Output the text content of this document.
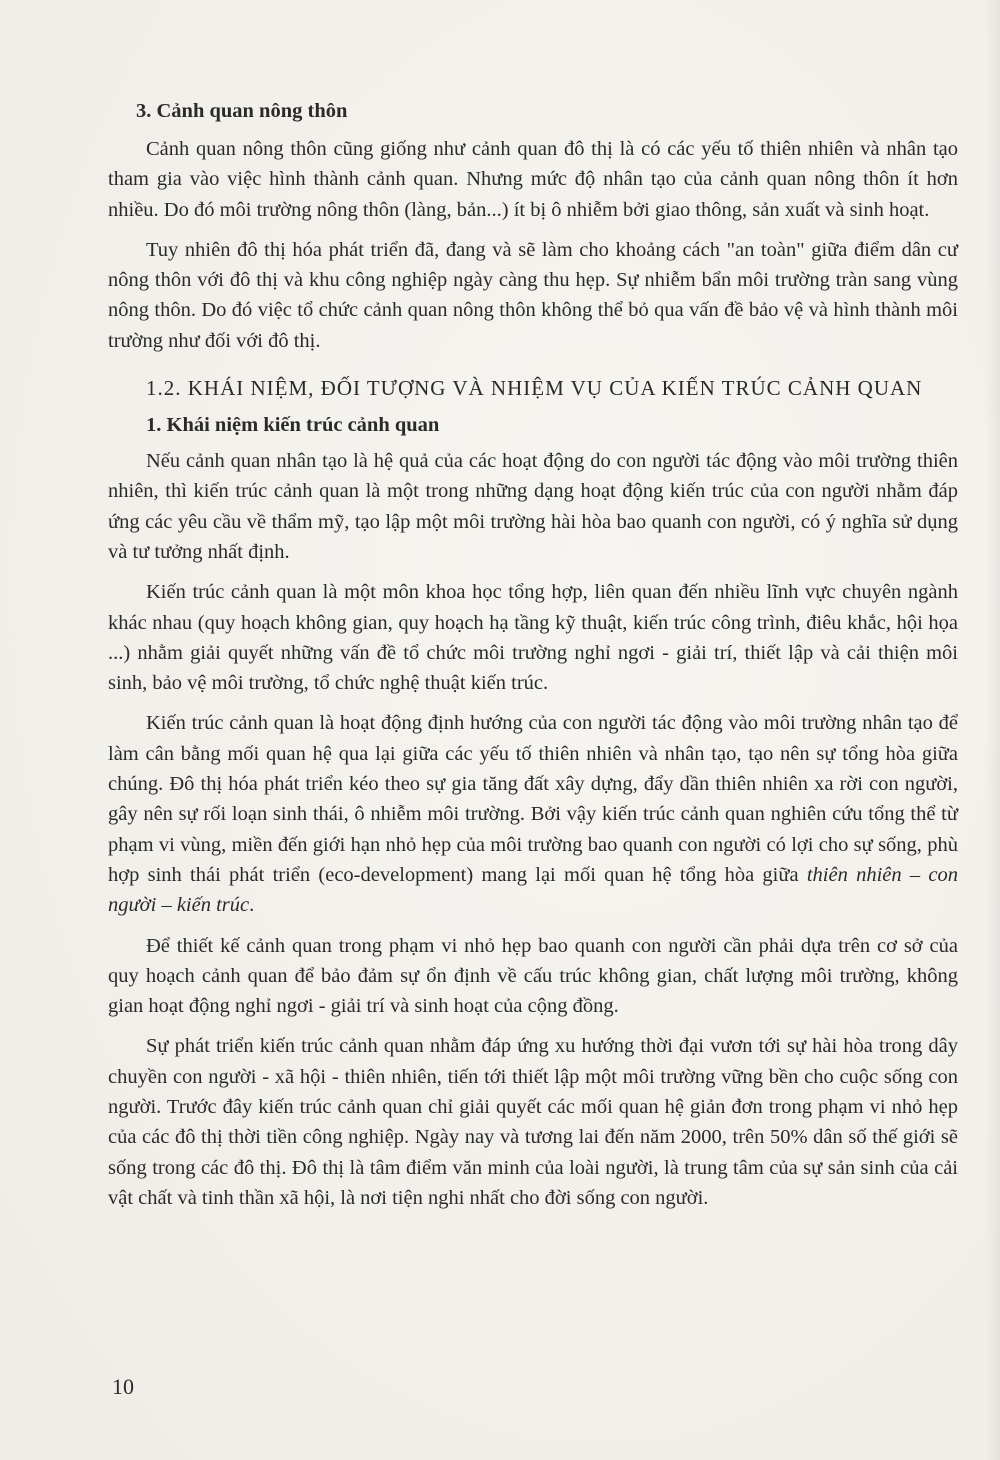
3. Cảnh quan nông thôn

Cảnh quan nông thôn cũng giống như cảnh quan đô thị là có các yếu tố thiên nhiên và nhân tạo tham gia vào việc hình thành cảnh quan. Nhưng mức độ nhân tạo của cảnh quan nông thôn ít hơn nhiều. Do đó môi trường nông thôn (làng, bản...) ít bị ô nhiễm bởi giao thông, sản xuất và sinh hoạt.

Tuy nhiên đô thị hóa phát triển đã, đang và sẽ làm cho khoảng cách "an toàn" giữa điểm dân cư nông thôn với đô thị và khu công nghiệp ngày càng thu hẹp. Sự nhiễm bẩn môi trường tràn sang vùng nông thôn. Do đó việc tổ chức cảnh quan nông thôn không thể bỏ qua vấn đề bảo vệ và hình thành môi trường như đối với đô thị.

1.2. KHÁI NIỆM, ĐỐI TƯỢNG VÀ NHIỆM VỤ CỦA KIẾN TRÚC CẢNH QUAN
1. Khái niệm kiến trúc cảnh quan

Nếu cảnh quan nhân tạo là hệ quả của các hoạt động do con người tác động vào môi trường thiên nhiên, thì kiến trúc cảnh quan là một trong những dạng hoạt động kiến trúc của con người nhằm đáp ứng các yêu cầu về thẩm mỹ, tạo lập một môi trường hài hòa bao quanh con người, có ý nghĩa sử dụng và tư tưởng nhất định.

Kiến trúc cảnh quan là một môn khoa học tổng hợp, liên quan đến nhiều lĩnh vực chuyên ngành khác nhau (quy hoạch không gian, quy hoạch hạ tầng kỹ thuật, kiến trúc công trình, điêu khắc, hội họa ...) nhằm giải quyết những vấn đề tổ chức môi trường nghỉ ngơi - giải trí, thiết lập và cải thiện môi sinh, bảo vệ môi trường, tổ chức nghệ thuật kiến trúc.

Kiến trúc cảnh quan là hoạt động định hướng của con người tác động vào môi trường nhân tạo để làm cân bằng mối quan hệ qua lại giữa các yếu tố thiên nhiên và nhân tạo, tạo nên sự tổng hòa giữa chúng. Đô thị hóa phát triển kéo theo sự gia tăng đất xây dựng, đẩy dần thiên nhiên xa rời con người, gây nên sự rối loạn sinh thái, ô nhiễm môi trường. Bởi vậy kiến trúc cảnh quan nghiên cứu tổng thể từ phạm vi vùng, miền đến giới hạn nhỏ hẹp của môi trường bao quanh con người có lợi cho sự sống, phù hợp sinh thái phát triển (eco-development) mang lại mối quan hệ tổng hòa giữa thiên nhiên – con người – kiến trúc.

Để thiết kế cảnh quan trong phạm vi nhỏ hẹp bao quanh con người cần phải dựa trên cơ sở của quy hoạch cảnh quan để bảo đảm sự ổn định về cấu trúc không gian, chất lượng môi trường, không gian hoạt động nghỉ ngơi - giải trí và sinh hoạt của cộng đồng.

Sự phát triển kiến trúc cảnh quan nhằm đáp ứng xu hướng thời đại vươn tới sự hài hòa trong dây chuyền con người - xã hội - thiên nhiên, tiến tới thiết lập một môi trường vững bền cho cuộc sống con người. Trước đây kiến trúc cảnh quan chỉ giải quyết các mối quan hệ giản đơn trong phạm vi nhỏ hẹp của các đô thị thời tiền công nghiệp. Ngày nay và tương lai đến năm 2000, trên 50% dân số thế giới sẽ sống trong các đô thị. Đô thị là tâm điểm văn minh của loài người, là trung tâm của sự sản sinh của cải vật chất và tinh thần xã hội, là nơi tiện nghi nhất cho đời sống con người.

10
